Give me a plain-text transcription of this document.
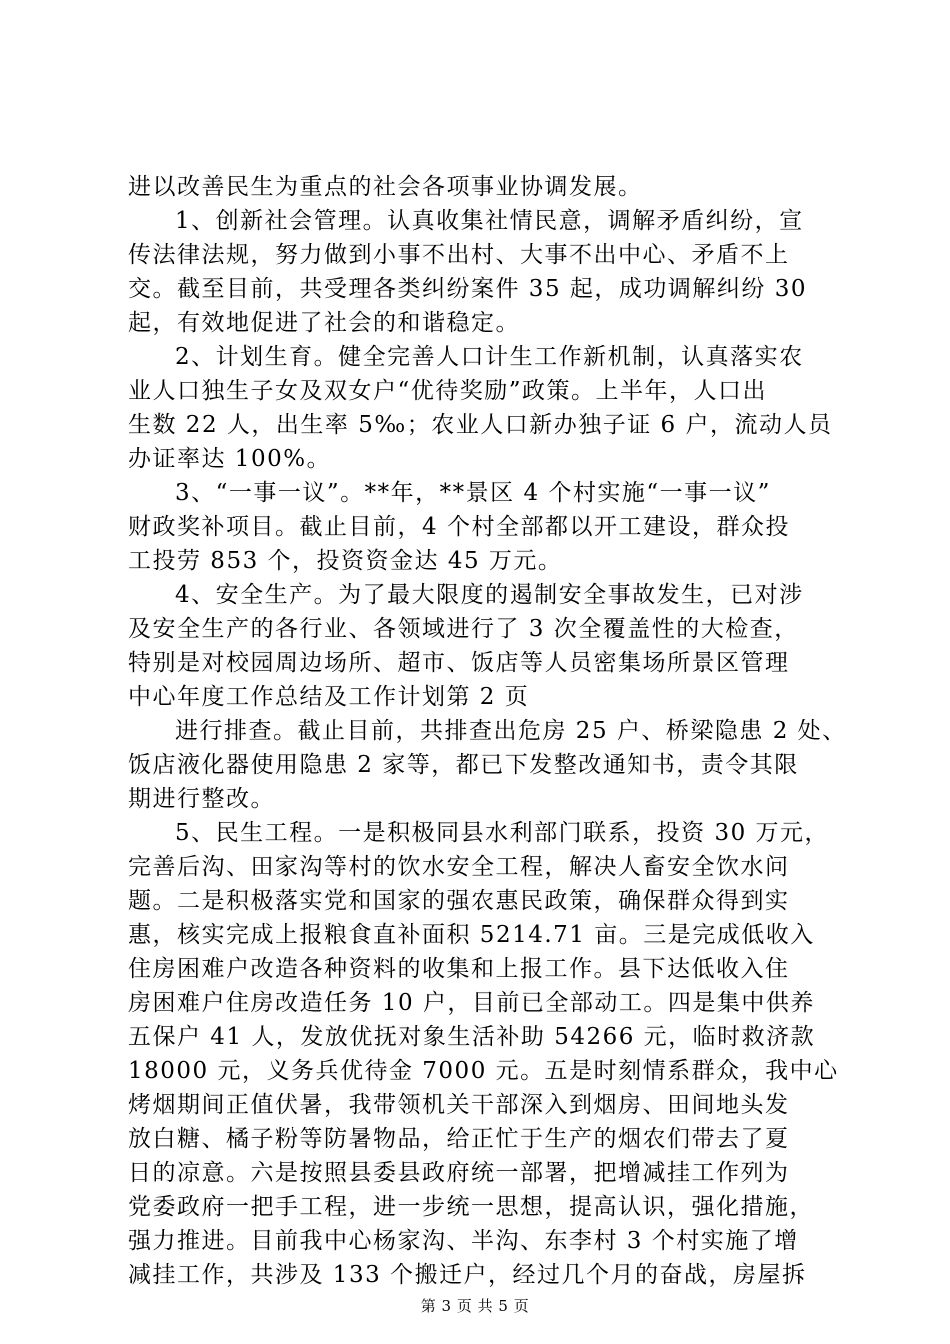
进以改善民生为重点的社会各项事业协调发展。
1、创新社会管理。认真收集社情民意，调解矛盾纠纷，宣
传法律法规，努力做到小事不出村、大事不出中心、矛盾不上
交。截至目前，共受理各类纠纷案件 35 起，成功调解纠纷 30
起，有效地促进了社会的和谐稳定。
2、计划生育。健全完善人口计生工作新机制，认真落实农
业人口独生子女及双女户“优待奖励”政策。上半年，人口出
生数 22 人，出生率 5‰；农业人口新办独子证 6 户，流动人员
办证率达 100%。
3、“一事一议”。**年，**景区 4 个村实施“一事一议”
财政奖补项目。截止目前，4 个村全部都以开工建设，群众投
工投劳 853 个，投资资金达 45 万元。
4、安全生产。为了最大限度的遏制安全事故发生，已对涉
及安全生产的各行业、各领域进行了 3 次全覆盖性的大检查，
特别是对校园周边场所、超市、饭店等人员密集场所景区管理
中心年度工作总结及工作计划第 2 页
进行排查。截止目前，共排查出危房 25 户、桥梁隐患 2 处、
饭店液化器使用隐患 2 家等，都已下发整改通知书，责令其限
期进行整改。
5、民生工程。一是积极同县水利部门联系，投资 30 万元，
完善后沟、田家沟等村的饮水安全工程，解决人畜安全饮水问
题。二是积极落实党和国家的强农惠民政策，确保群众得到实
惠，核实完成上报粮食直补面积 5214.71 亩。三是完成低收入
住房困难户改造各种资料的收集和上报工作。县下达低收入住
房困难户住房改造任务 10 户，目前已全部动工。四是集中供养
五保户 41 人，发放优抚对象生活补助 54266 元，临时救济款
18000 元，义务兵优待金 7000 元。五是时刻情系群众，我中心
烤烟期间正值伏暑，我带领机关干部深入到烟房、田间地头发
放白糖、橘子粉等防暑物品，给正忙于生产的烟农们带去了夏
日的凉意。六是按照县委县政府统一部署，把增减挂工作列为
党委政府一把手工程，进一步统一思想，提高认识，强化措施，
强力推进。目前我中心杨家沟、半沟、东李村 3 个村实施了增
减挂工作，共涉及 133 个搬迁户，经过几个月的奋战，房屋拆
第 3 页 共 5 页
